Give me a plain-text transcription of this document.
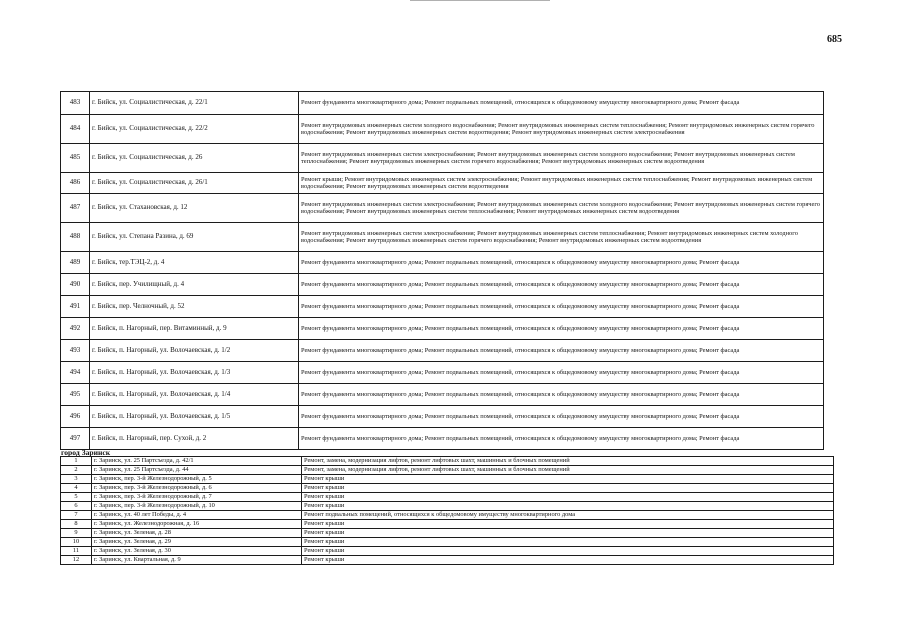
685
483	г. Бийск, ул. Социалистическая, д. 22/1	Ремонт фундамента многоквартирного дома; Ремонт подвальных помещений, относящихся к общедомовому имуществу многоквартирного дома; Ремонт фасада
484	г. Бийск, ул. Социалистическая, д. 22/2	Ремонт внутридомовых инженерных систем холодного водоснабжения; Ремонт внутридомовых инженерных систем теплоснабжения; Ремонт внутридомовых инженерных систем горячего водоснабжения; Ремонт внутридомовых инженерных систем водоотведения; Ремонт внутридомовых инженерных систем электроснабжения
485	г. Бийск, ул. Социалистическая, д. 26	Ремонт внутридомовых инженерных систем электроснабжения; Ремонт внутридомовых инженерных систем холодного водоснабжения; Ремонт внутридомовых инженерных систем теплоснабжения; Ремонт внутридомовых инженерных систем горячего водоснабжения; Ремонт внутридомовых инженерных систем водоотведения
486	г. Бийск, ул. Социалистическая, д. 26/1	Ремонт крыши; Ремонт внутридомовых инженерных систем электроснабжения; Ремонт внутридомовых инженерных систем теплоснабжения; Ремонт внутридомовых инженерных систем водоснабжения; Ремонт внутридомовых инженерных систем водоотведения
487	г. Бийск, ул. Стахановская, д. 12	Ремонт внутридомовых инженерных систем электроснабжения; Ремонт внутридомовых инженерных систем холодного водоснабжения; Ремонт внутридомовых инженерных систем горячего водоснабжения; Ремонт внутридомовых инженерных систем теплоснабжения; Ремонт внутридомовых инженерных систем водоотведения
488	г. Бийск, ул. Степана Разина, д. 69	Ремонт внутридомовых инженерных систем электроснабжения; Ремонт внутридомовых инженерных систем теплоснабжения; Ремонт внутридомовых инженерных систем холодного водоснабжения; Ремонт внутридомовых инженерных систем горячего водоснабжения; Ремонт внутридомовых инженерных систем водоотведения
489	г. Бийск, тер.ТЭЦ-2, д. 4	Ремонт фундамента многоквартирного дома; Ремонт подвальных помещений, относящихся к общедомовому имуществу многоквартирного дома; Ремонт фасада
490	г. Бийск, пер. Училищный, д. 4	Ремонт фундамента многоквартирного дома; Ремонт подвальных помещений, относящихся к общедомовому имуществу многоквартирного дома; Ремонт фасада
491	г. Бийск, пер. Челночный, д. 52	Ремонт фундамента многоквартирного дома; Ремонт подвальных помещений, относящихся к общедомовому имуществу многоквартирного дома; Ремонт фасада
492	г. Бийск, п. Нагорный, пер. Витаминный, д. 9	Ремонт фундамента многоквартирного дома; Ремонт подвальных помещений, относящихся к общедомовому имуществу многоквартирного дома; Ремонт фасада
493	г. Бийск, п. Нагорный, ул. Волочаевская, д. 1/2	Ремонт фундамента многоквартирного дома; Ремонт подвальных помещений, относящихся к общедомовому имуществу многоквартирного дома; Ремонт фасада
494	г. Бийск, п. Нагорный, ул. Волочаевская, д. 1/3	Ремонт фундамента многоквартирного дома; Ремонт подвальных помещений, относящихся к общедомовому имуществу многоквартирного дома; Ремонт фасада
495	г. Бийск, п. Нагорный, ул. Волочаевская, д. 1/4	Ремонт фундамента многоквартирного дома; Ремонт подвальных помещений, относящихся к общедомовому имуществу многоквартирного дома; Ремонт фасада
496	г. Бийск, п. Нагорный, ул. Волочаевская, д. 1/5	Ремонт фундамента многоквартирного дома; Ремонт подвальных помещений, относящихся к общедомовому имуществу многоквартирного дома; Ремонт фасада
497	г. Бийск, п. Нагорный, пер. Сухой, д. 2	Ремонт фундамента многоквартирного дома; Ремонт подвальных помещений, относящихся к общедомовому имуществу многоквартирного дома; Ремонт фасада
город Заринск
1	г. Заринск, ул. 25 Партсъезда, д. 42/1	Ремонт, замена, модернизация лифтов, ремонт лифтовых шахт, машинных и блочных помещений
2	г. Заринск, ул. 25 Партсъезда, д. 44	Ремонт, замена, модернизация лифтов, ремонт лифтовых шахт, машинных и блочных помещений
3	г. Заринск, пер. 3-й Железнодорожный, д. 5	Ремонт крыши
4	г. Заринск, пер. 3-й Железнодорожный, д. 6	Ремонт крыши
5	г. Заринск, пер. 3-й Железнодорожный, д. 7	Ремонт крыши
6	г. Заринск, пер. 3-й Железнодорожный, д. 10	Ремонт крыши
7	г. Заринск, ул. 40 лет Победы, д. 4	Ремонт подвальных помещений, относящихся к общедомовому имуществу многоквартирного дома
8	г. Заринск, ул. Железнодорожная, д. 16	Ремонт крыши
9	г. Заринск, ул. Зеленая, д. 28	Ремонт крыши
10	г. Заринск, ул. Зеленая, д. 29	Ремонт крыши
11	г. Заринск, ул. Зеленая, д. 30	Ремонт крыши
12	г. Заринск, ул. Квартальная, д. 9	Ремонт крыши
